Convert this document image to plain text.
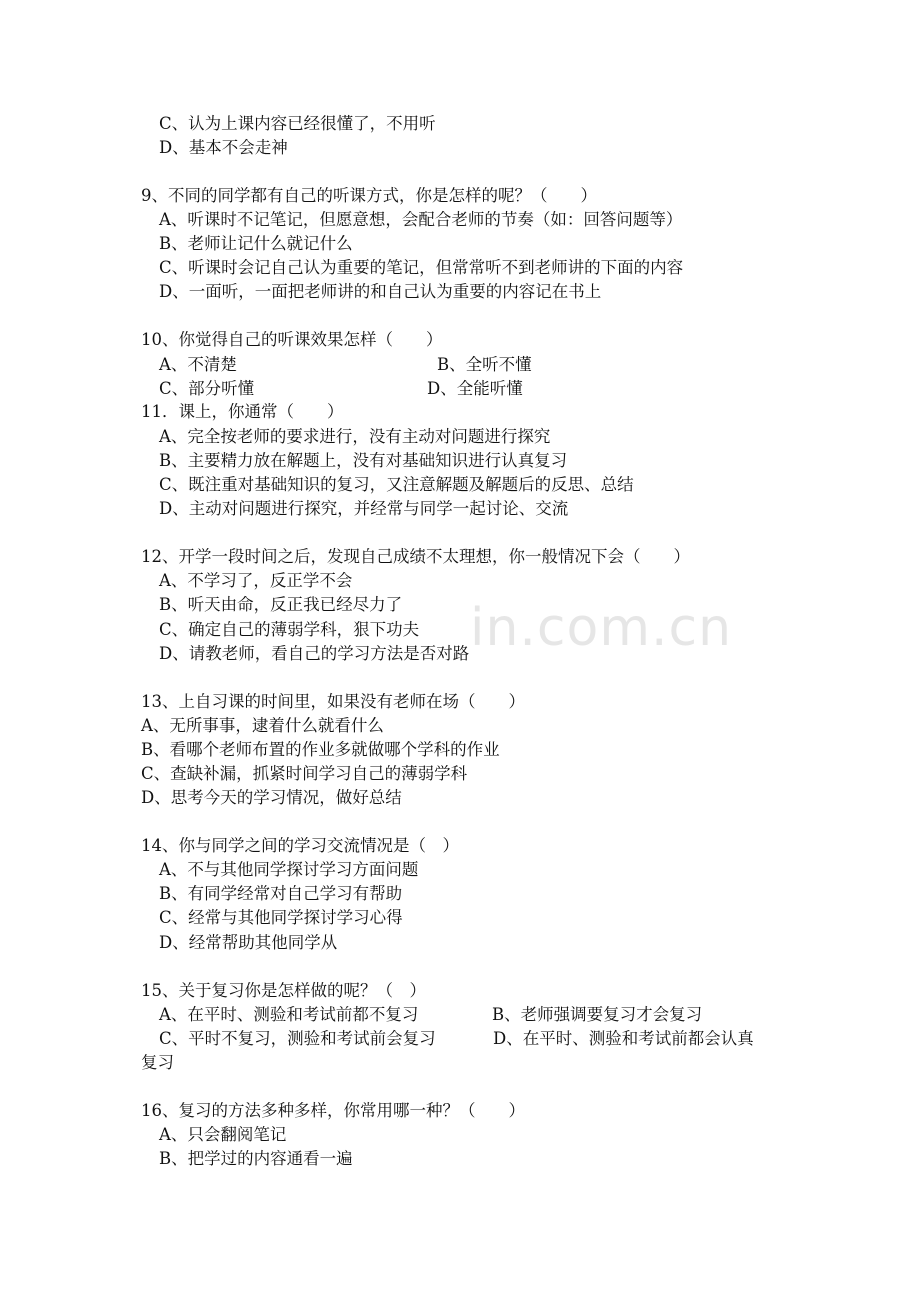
in.com.cn
C、认为上课内容已经很懂了，不用听
D、基本不会走神
9、不同的同学都有自己的听课方式，你是怎样的呢？（　　）
A、听课时不记笔记，但愿意想，会配合老师的节奏（如：回答问题等）
B、老师让记什么就记什么
C、听课时会记自己认为重要的笔记，但常常听不到老师讲的下面的内容
D、一面听，一面把老师讲的和自己认为重要的内容记在书上
10、你觉得自己的听课效果怎样（　　）
A、不清楚	B、全听不懂
C、部分听懂	D、全能听懂
11．课上，你通常（　　）
A、完全按老师的要求进行，没有主动对问题进行探究
B、主要精力放在解题上，没有对基础知识进行认真复习
C、既注重对基础知识的复习，又注意解题及解题后的反思、总结
D、主动对问题进行探究，并经常与同学一起讨论、交流
12、开学一段时间之后，发现自己成绩不太理想，你一般情况下会（　　）
A、不学习了，反正学不会
B、听天由命，反正我已经尽力了
C、确定自己的薄弱学科，狠下功夫
D、请教老师，看自己的学习方法是否对路
13、上自习课的时间里，如果没有老师在场（　　）
A、无所事事，逮着什么就看什么
B、看哪个老师布置的作业多就做哪个学科的作业
C、查缺补漏，抓紧时间学习自己的薄弱学科
D、思考今天的学习情况，做好总结
14、你与同学之间的学习交流情况是（　）
A、不与其他同学探讨学习方面问题
B、有同学经常对自己学习有帮助
C、经常与其他同学探讨学习心得
D、经常帮助其他同学从
15、关于复习你是怎样做的呢？（　）
A、在平时、测验和考试前都不复习	B、老师强调要复习才会复习
C、平时不复习，测验和考试前会复习	D、在平时、测验和考试前都会认真
复习
16、复习的方法多种多样，你常用哪一种？（　　）
A、只会翻阅笔记
B、把学过的内容通看一遍
